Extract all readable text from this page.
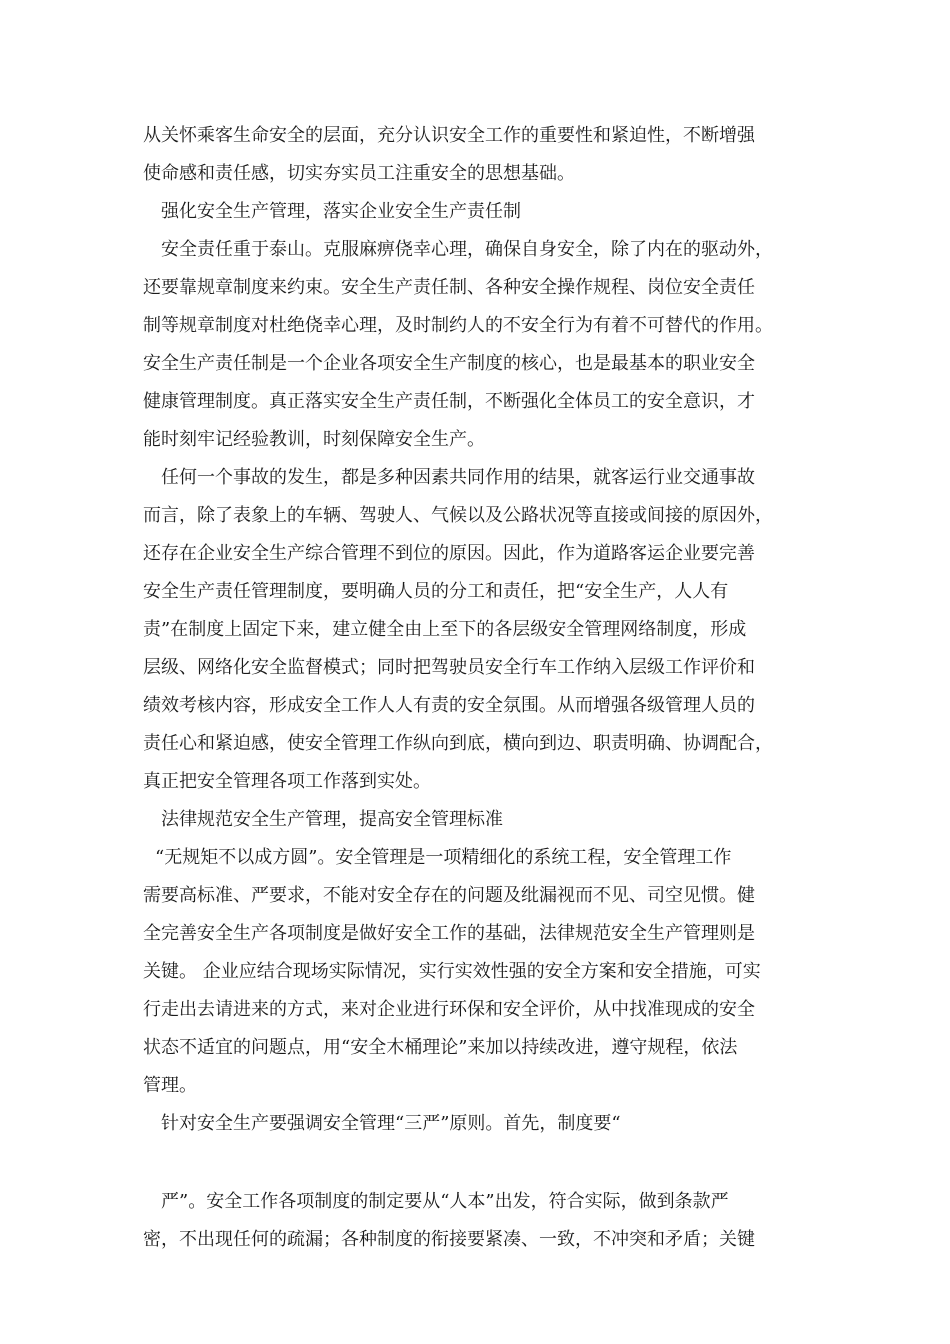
从关怀乘客生命安全的层面，充分认识安全工作的重要性和紧迫性，不断增强
使命感和责任感，切实夯实员工注重安全的思想基础。
强化安全生产管理，落实企业安全生产责任制
安全责任重于泰山。克服麻痹侥幸心理，确保自身安全，除了内在的驱动外，
还要靠规章制度来约束。安全生产责任制、各种安全操作规程、岗位安全责任
制等规章制度对杜绝侥幸心理，及时制约人的不安全行为有着不可替代的作用。
安全生产责任制是一个企业各项安全生产制度的核心，也是最基本的职业安全
健康管理制度。真正落实安全生产责任制，不断强化全体员工的安全意识，才
能时刻牢记经验教训，时刻保障安全生产。
任何一个事故的发生，都是多种因素共同作用的结果，就客运行业交通事故
而言，除了表象上的车辆、驾驶人、气候以及公路状况等直接或间接的原因外，
还存在企业安全生产综合管理不到位的原因。因此，作为道路客运企业要完善
安全生产责任管理制度，要明确人员的分工和责任，把“安全生产，人人有
责”在制度上固定下来，建立健全由上至下的各层级安全管理网络制度，形成
层级、网络化安全监督模式；同时把驾驶员安全行车工作纳入层级工作评价和
绩效考核内容，形成安全工作人人有责的安全氛围。从而增强各级管理人员的
责任心和紧迫感，使安全管理工作纵向到底，横向到边、职责明确、协调配合，
真正把安全管理各项工作落到实处。
法律规范安全生产管理，提高安全管理标准
“无规矩不以成方圆”。安全管理是一项精细化的系统工程，安全管理工作
需要高标准、严要求，不能对安全存在的问题及纰漏视而不见、司空见惯。健
全完善安全生产各项制度是做好安全工作的基础，法律规范安全生产管理则是
关键。 企业应结合现场实际情况，实行实效性强的安全方案和安全措施，可实
行走出去请进来的方式，来对企业进行环保和安全评价，从中找准现成的安全
状态不适宜的问题点，用“安全木桶理论”来加以持续改进，遵守规程，依法
管理。
针对安全生产要强调安全管理“三严”原则。首先，制度要“
严”。安全工作各项制度的制定要从“人本”出发，符合实际，做到条款严
密，不出现任何的疏漏；各种制度的衔接要紧凑、一致，不冲突和矛盾；关键
